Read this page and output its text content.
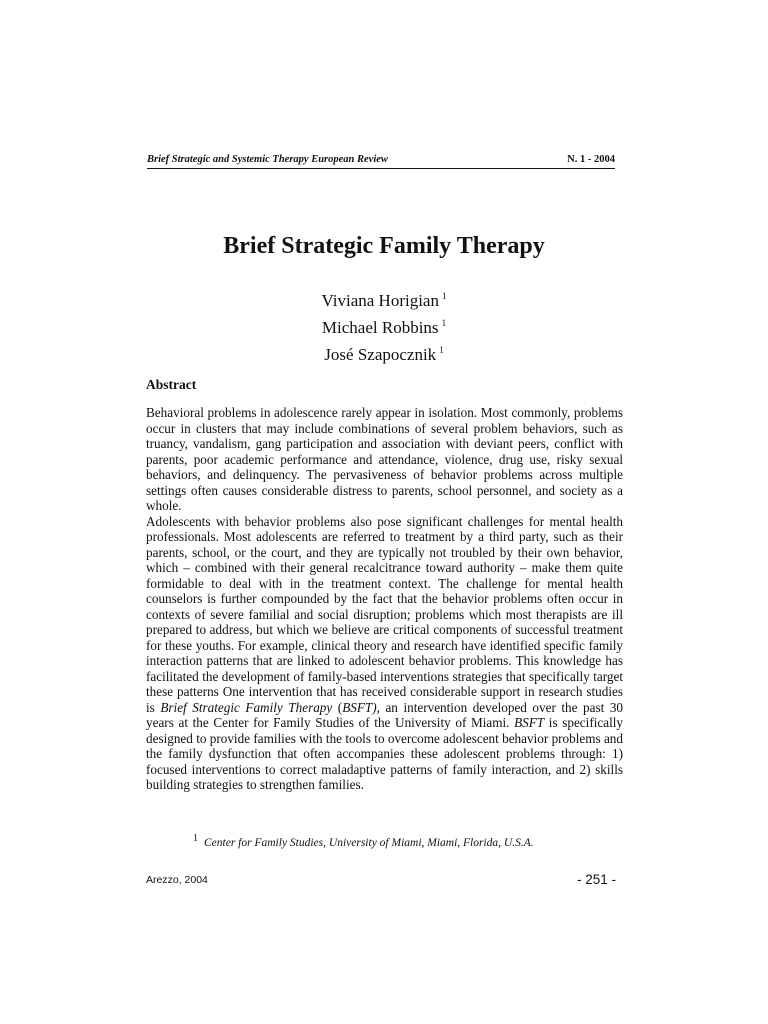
Brief Strategic and Systemic Therapy European Review	N. 1 - 2004
Brief Strategic Family Therapy
Viviana Horigian $^1$
Michael Robbins $^1$
José Szapocznik $^1$
Abstract

Behavioral problems in adolescence rarely appear in isolation. Most commonly, problems occur in clusters that may include combinations of several problem behaviors, such as truancy, vandalism, gang participation and association with deviant peers, conflict with parents, poor academic performance and attendance, violence, drug use, risky sexual behaviors, and delinquency. The pervasiveness of behavior problems across multiple settings often causes considerable distress to parents, school personnel, and society as a whole.

Adolescents with behavior problems also pose significant challenges for mental health professionals. Most adolescents are referred to treatment by a third party, such as their parents, school, or the court, and they are typically not troubled by their own behavior, which – combined with their general recalcitrance toward authority – make them quite formidable to deal with in the treatment context. The challenge for mental health counselors is further compounded by the fact that the behavior problems often occur in contexts of severe familial and social disruption; problems which most therapists are ill prepared to address, but which we believe are critical components of successful treatment for these youths. For example, clinical theory and research have identified specific family interaction patterns that are linked to adolescent behavior problems. This knowledge has facilitated the development of family-based interventions strategies that specifically target these patterns One intervention that has received considerable support in research studies is Brief Strategic Family Therapy (BSFT), an intervention developed over the past 30 years at the Center for Family Studies of the University of Miami. BSFT is specifically designed to provide families with the tools to overcome adolescent behavior problems and the family dysfunction that often accompanies these adolescent problems through: 1) focused interventions to correct maladaptive patterns of family interaction, and 2) skills building strategies to strengthen families.

$^1$ Center for Family Studies, University of Miami, Miami, Florida, U.S.A.
Arezzo, 2004	- 251 -
